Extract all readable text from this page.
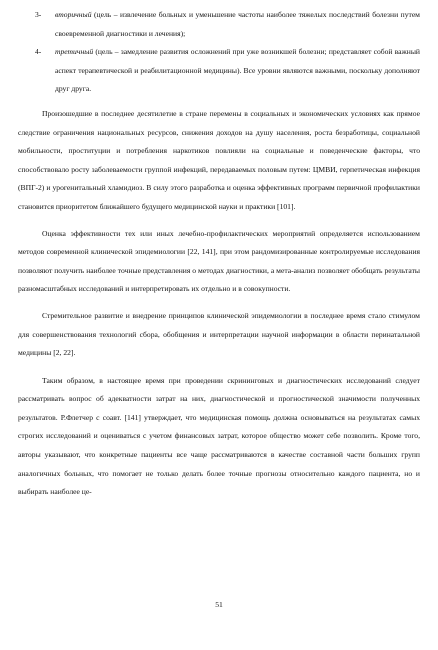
3-	вторичный (цель – извлечение больных и уменьшение частоты наиболее тяжелых последствий болезни путем своевременной диагностики и лечения);
4-	третичный (цель – замедление развития осложнений при уже возникшей болезни; представляет собой важный аспект терапевтической и реабилитационной медицины). Все уровни являются важными, поскольку дополняют друг друга.

Произошедшие в последнее десятилетие в стране перемены в социальных и экономических условиях как прямое следствие ограничения национальных ресурсов, снижения доходов на душу населения, роста безработицы, социальной мобильности, проституции и потребления наркотиков повлияли на социальные и поведенческие факторы, что способствовало росту заболеваемости группой инфекций, передаваемых половым путем: ЦМВИ, герпетическая инфекция (ВПГ-2) и урогенитальный хламидиоз. В силу этого разработка и оценка эффективных программ первичной профилактики становится приоритетом ближайшего будущего медицинской науки и практики [101].

Оценка эффективности тех или иных лечебно-профилактических мероприятий определяется использованием методов современной клинической эпидемиологии [22, 141], при этом рандомизированные контролируемые исследования позволяют получить наиболее точные представления о методах диагностики, а мета-анализ позволяет обобщать результаты разномасштабных исследований и интерпретировать их отдельно и в совокупности.

Стремительное развитие и внедрение принципов клинической эпидемиологии в последнее время стало стимулом для совершенствования технологий сбора, обобщения и интерпретации научной информации в области перинатальной медицины [2, 22].

Таким образом, в настоящее время при проведении скрининговых и диагностических исследований следует рассматривать вопрос об адекватности затрат на них, диагностической и прогностической значимости полученных результатов. Р.Флетчер с соавт. [141] утверждает, что медицинская помощь должна основываться на результатах самых строгих исследований и оцениваться с учетом финансовых затрат, которое общество может себе позволить. Кроме того, авторы указывают, что конкретные пациенты все чаще рассматриваются в качестве составной части больших групп аналогичных больных, что помогает не только делать более точные прогнозы относительно каждого пациента, но и выбирать наиболее це-

51
